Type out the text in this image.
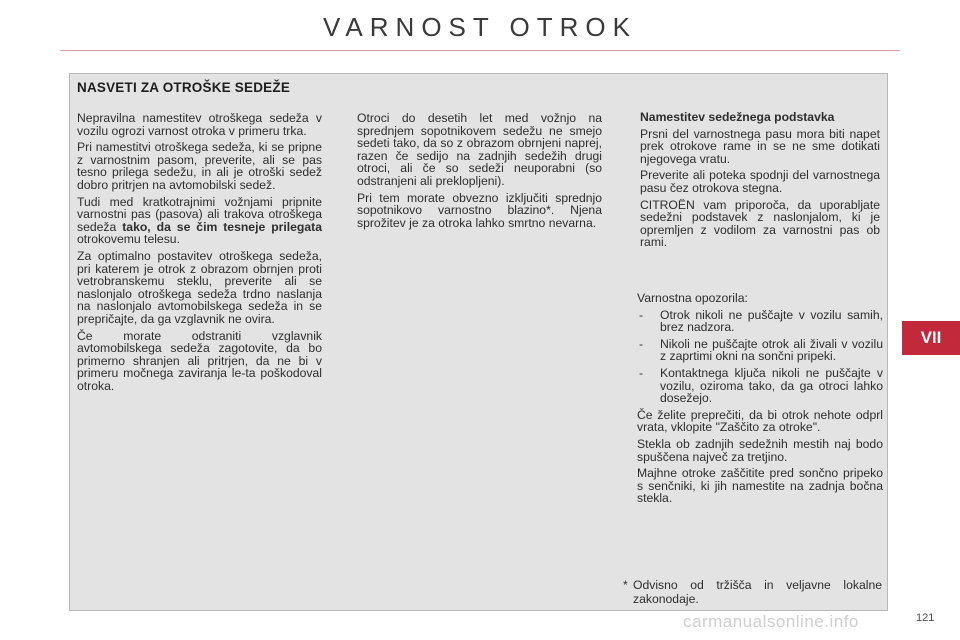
VARNOST OTROK
NASVETI ZA OTROŠKE SEDEŽE

Nepravilna namestitev otroškega sedeža v vozilu ogrozi varnost otroka v primeru trka.

Pri namestitvi otroškega sedeža, ki se pripne z varnostnim pasom, preverite, ali se pas tesno prilega sedežu, in ali je otroški sedež dobro pritrjen na avtomobilski sedež.

Tudi med kratkotrajnimi vožnjami pripnite varnostni pas (pasova) ali trakova otroškega sedeža tako, da se čim tesneje prilegata otrokovemu telesu.

Za optimalno postavitev otroškega sedeža, pri katerem je otrok z obrazom obrnjen proti vetrobranskemu steklu, preverite ali se naslonjalo otroškega sedeža trdno naslanja na naslonjalo avtomobilskega sedeža in se prepričajte, da ga vzglavnik ne ovira.

Če morate odstraniti vzglavnik avtomobilskega sedeža zagotovite, da bo primerno shranjen ali pritrjen, da ne bi v primeru močnega zaviranja le-ta poškodoval otroka.

Otroci do desetih let med vožnjo na sprednjem sopotnikovem sedežu ne smejo sedeti tako, da so z obrazom obrnjeni naprej, razen če sedijo na zadnjih sedežih drugi otroci, ali če so sedeži neuporabni (so odstranjeni ali preklopljeni).

Pri tem morate obvezno izključiti sprednjo sopotnikovo varnostno blazino*. Njena sprožitev je za otroka lahko smrtno nevarna.

Namestitev sedežnega podstavka

Prsni del varnostnega pasu mora biti napet prek otrokove rame in se ne sme dotikati njegovega vratu.

Preverite ali poteka spodnji del varnostnega pasu čez otrokova stegna.

CITROËN vam priporoča, da uporabljate sedežni podstavek z naslonjalom, ki je opremljen z vodilom za varnostni pas ob rami.

Varnostna opozorila:

- Otrok nikoli ne puščajte v vozilu samih, brez nadzora.
- Nikoli ne puščajte otrok ali živali v vozilu z zaprtimi okni na sončni pripeki.
- Kontaktnega ključa nikoli ne puščajte v vozilu, oziroma tako, da ga otroci lahko dosežejo.

Če želite preprečiti, da bi otrok nehote odprl vrata, vklopite "Zaščito za otroke".

Stekla ob zadnjih sedežnih mestih naj bodo spuščena največ za tretjino.

Majhne otroke zaščitite pred sončno pripeko s senčniki, ki jih namestite na zadnja bočna stekla.

* Odvisno od tržišča in veljavne lokalne zakonodaje.
VII
carmanualsonline.info	121
